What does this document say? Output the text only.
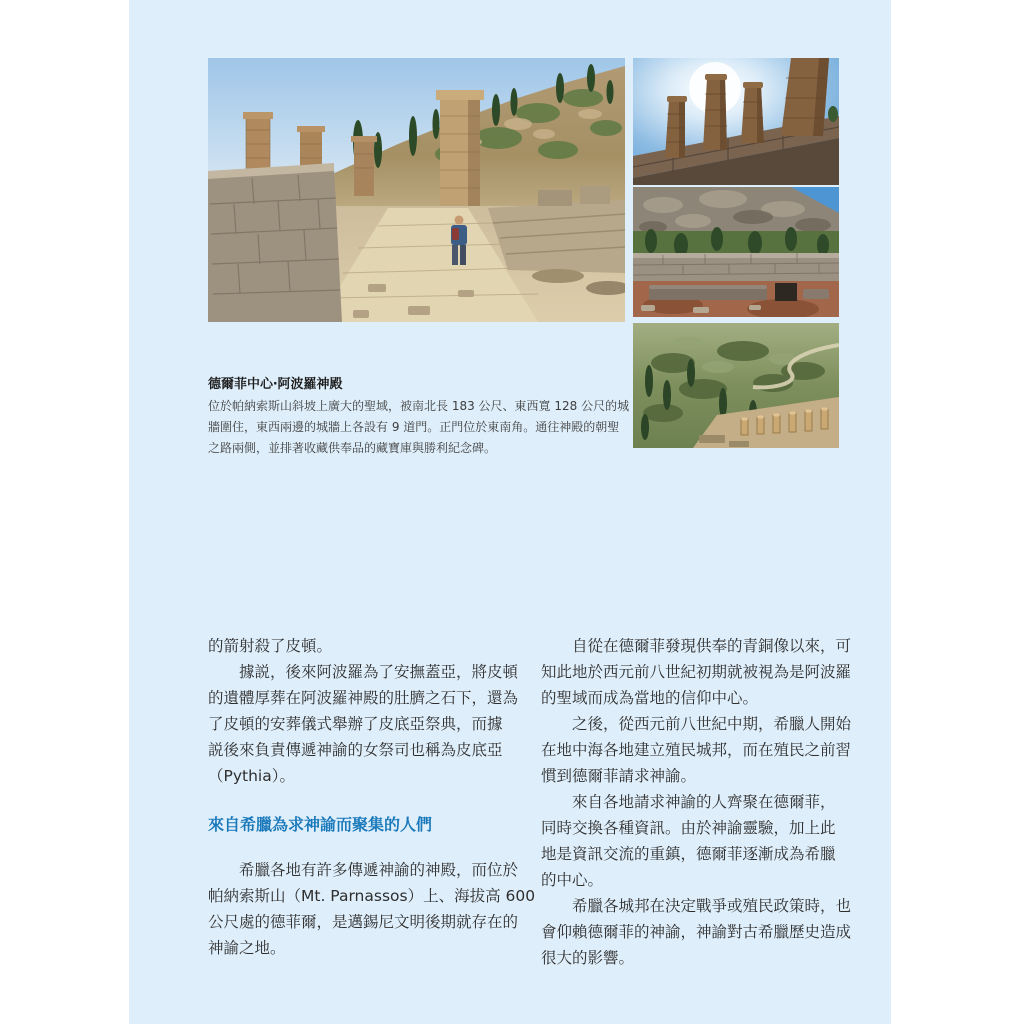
德爾菲中心‧阿波羅神殿
位於帕納索斯山斜坡上廣大的聖域，被南北長 183 公尺、東西寬 128 公尺的城
牆圍住，東西兩邊的城牆上各設有 9 道門。正門位於東南角。通往神殿的朝聖
之路兩側，並排著收藏供奉品的藏寶庫與勝利紀念碑。
的箭射殺了皮頓。
　　據説，後來阿波羅為了安撫蓋亞，將皮頓
的遺體厚葬在阿波羅神殿的肚臍之石下，還為
了皮頓的安葬儀式舉辦了皮底亞祭典，而據
説後來負責傳遞神諭的女祭司也稱為皮底亞
（Pythia）。
來自希臘為求神諭而聚集的人們
　　希臘各地有許多傳遞神諭的神殿，而位於
帕納索斯山（Mt. Parnassos）上、海拔高 600
公尺處的德菲爾，是邁錫尼文明後期就存在的
神諭之地。
　　自從在德爾菲發現供奉的青銅像以來，可
知此地於西元前八世紀初期就被視為是阿波羅
的聖域而成為當地的信仰中心。
　　之後，從西元前八世紀中期，希臘人開始
在地中海各地建立殖民城邦，而在殖民之前習
慣到德爾菲請求神諭。
　　來自各地請求神諭的人齊聚在德爾菲，
同時交換各種資訊。由於神諭靈驗，加上此
地是資訊交流的重鎮，德爾菲逐漸成為希臘
的中心。
　　希臘各城邦在決定戰爭或殖民政策時，也
會仰賴德爾菲的神諭，神諭對古希臘歷史造成
很大的影響。
